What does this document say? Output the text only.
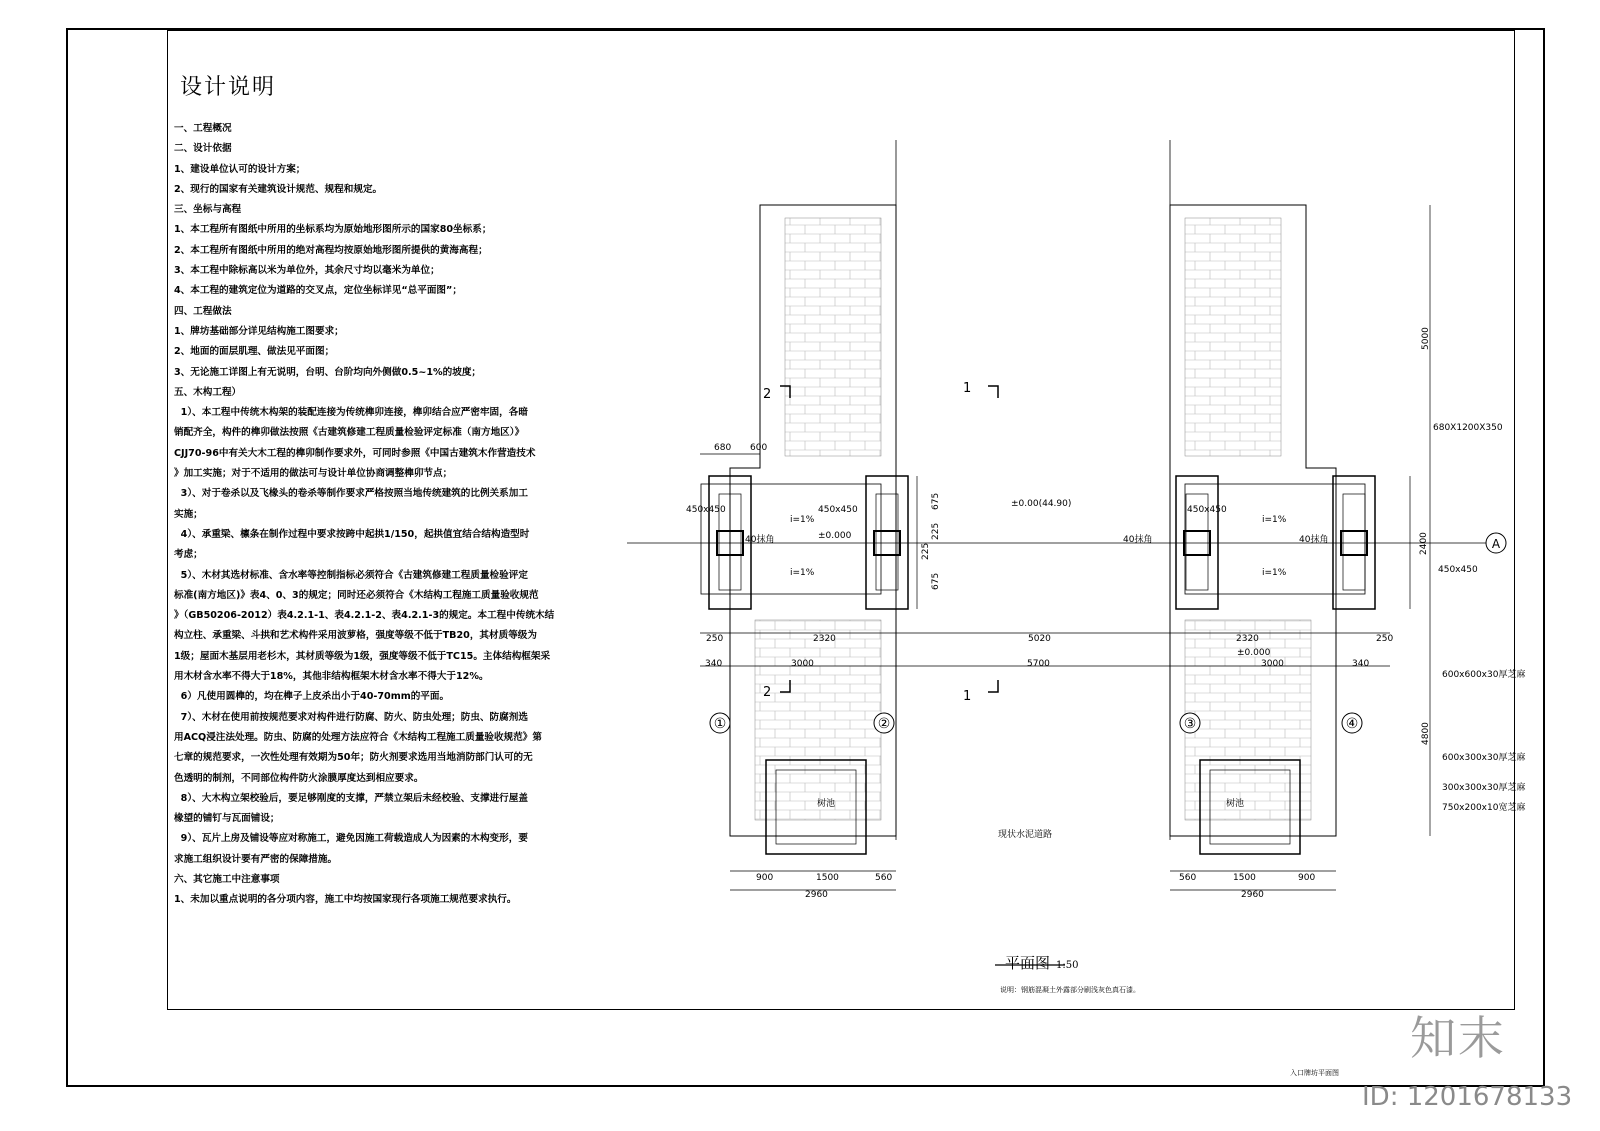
设计说明
一、工程概况
二、设计依据
1、建设单位认可的设计方案；
2、现行的国家有关建筑设计规范、规程和规定。
三、坐标与高程
1、本工程所有图纸中所用的坐标系均为原始地形图所示的国家80坐标系；
2、本工程所有图纸中所用的绝对高程均按原始地形图所提供的黄海高程；
3、本工程中除标高以米为单位外，其余尺寸均以毫米为单位；
4、本工程的建筑定位为道路的交叉点，定位坐标详见“总平面图”；
四、工程做法
1、牌坊基础部分详见结构施工图要求；
2、地面的面层肌理、做法见平面图；
3、无论施工详图上有无说明，台明、台阶均向外侧做0.5~1%的坡度；
五、木构工程）
1）、本工程中传统木构架的装配连接为传统榫卯连接，榫卯结合应严密牢固，各暗
销配齐全，构件的榫卯做法按照《古建筑修建工程质量检验评定标准（南方地区）》
CJJ70-96中有关大木工程的榫卯制作要求外，可同时参照《中国古建筑木作营造技术
》加工实施；对于不适用的做法可与设计单位协商调整榫卯节点；
3）、对于卷杀以及飞椽头的卷杀等制作要求严格按照当地传统建筑的比例关系加工
实施；
4）、承重梁、檩条在制作过程中要求按跨中起拱1/150，起拱值宜结合结构造型时
考虑；
5）、木材其选材标准、含水率等控制指标必须符合《古建筑修建工程质量检验评定
标准(南方地区)》表4、0、3的规定；同时还必须符合《木结构工程施工质量验收规范
》（GB50206-2012）表4.2.1-1、表4.2.1-2、表4.2.1-3的规定。本工程中传统木结
构立柱、承重梁、斗拱和艺术构件采用波萝格，强度等级不低于TB20，其材质等级为
1级；屋面木基层用老杉木，其材质等级为1级，强度等级不低于TC15。主体结构框架采
用木材含水率不得大于18%，其他非结构框架木材含水率不得大于12%。
6）凡使用圆榫的，均在榫子上皮杀出小于40-70mm的平面。
7）、木材在使用前按规范要求对构件进行防腐、防火、防虫处理；防虫、防腐剂选
用ACQ浸注法处理。防虫、防腐的处理方法应符合《木结构工程施工质量验收规范》第
七章的规范要求，一次性处理有效期为50年；防火剂要求选用当地消防部门认可的无
色透明的制剂，不同部位构件防火涂膜厚度达到相应要求。
8）、大木构立架校验后，要足够刚度的支撑，严禁立架后未经校验、支撑进行屋盖
椽望的铺钉与瓦面铺设；
9）、瓦片上房及铺设等应对称施工，避免因施工荷载造成人为因素的木构变形，要
求施工组织设计要有严密的保障措施。
六、其它施工中注意事项
1、未加以重点说明的各分项内容，施工中均按国家现行各项施工规范要求执行。
①	②	③	④
A
±0.00(44.90)
±0.000
±0.000
i=1%
i=1%
i=1%
i=1%
450x450	450x450	450x450
450x450
40抹角	40抹角	40抹角
680X1200X350
600x600x30厚芝麻
600x300x30厚芝麻
300x300x30厚芝麻
750x200x10宽芝麻
树池	树池
现状水泥道路
680 600
2320	5020	2320
340	3000	5700	3000	340
900	1500	560
2960
560	1500	900
2960
250	250
5000
4800
2400
675
225
225
675
2
2
1
1
平面图 1:50
说明：钢筋混凝土外露部分刷浅灰色真石漆。
入口牌坊平面图
知末
ID: 1201678133
